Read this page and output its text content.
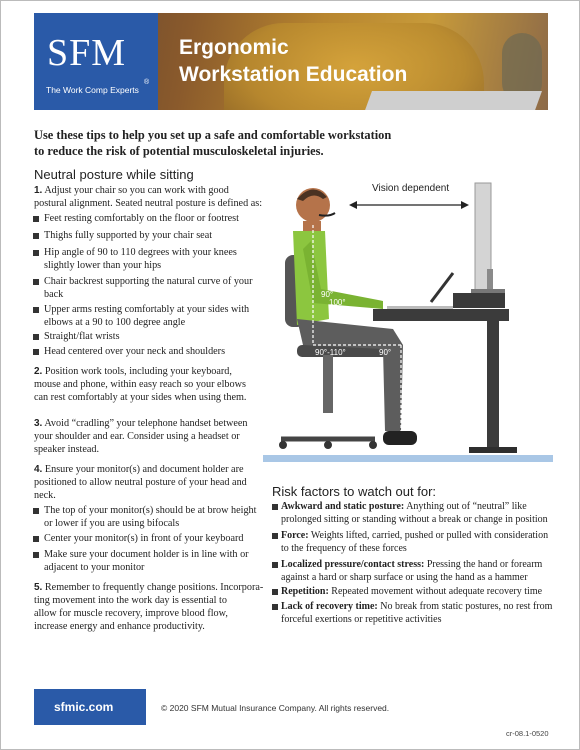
SFM
®
The Work Comp Experts
Ergonomic
Workstation Education
Use these tips to help you set up a safe and comfortable workstation
to reduce the risk of potential musculoskeletal injuries.
Neutral posture while sitting
1. Adjust your chair so you can work with good
postural alignment. Seated neutral posture is defined as:
Feet resting comfortably on the floor or footrest
Thighs fully supported by your chair seat
Hip angle of 90 to 110 degrees with your knees
slightly lower than your hips
Chair backrest supporting the natural curve of your
back
Upper arms resting comfortably at your sides with
elbows at a 90 to 100 degree angle
Straight/flat wrists
Head centered over your neck and shoulders
2. Position work tools, including your keyboard,
mouse and phone, within easy reach so your elbows
can rest comfortably at your sides when using them.
3. Avoid “cradling” your telephone handset between
your shoulder and ear. Consider using a headset or
speaker instead.
4. Ensure your monitor(s) and document holder are
positioned to allow neutral posture of your head and
neck.
The top of your monitor(s) should be at brow height
or lower if you are using bifocals
Center your monitor(s) in front of your keyboard
Make sure your document holder is in line with or
adjacent to your monitor
5. Remember to frequently change positions. Incorpora-
ting movement into the work day is essential to
allow for muscle recovery, improve blood flow,
increase energy and enhance productivity.
Vision dependent
90°
100°
90°-110°	90°
Risk factors to watch out for:
Awkward and static posture: Anything out of “neutral” like
prolonged sitting or standing without a break or change in position
Force: Weights lifted, carried, pushed or pulled with consideration
to the frequency of these forces
Localized pressure/contact stress: Pressing the hand or forearm
against a hard or sharp surface or using the hand as a hammer
Repetition: Repeated movement without adequate recovery time
Lack of recovery time: No break from static postures, no rest from
forceful exertions or repetitive activities
sfmic.com	© 2020 SFM Mutual Insurance Company. All rights reserved.
cr-08.1-0520
